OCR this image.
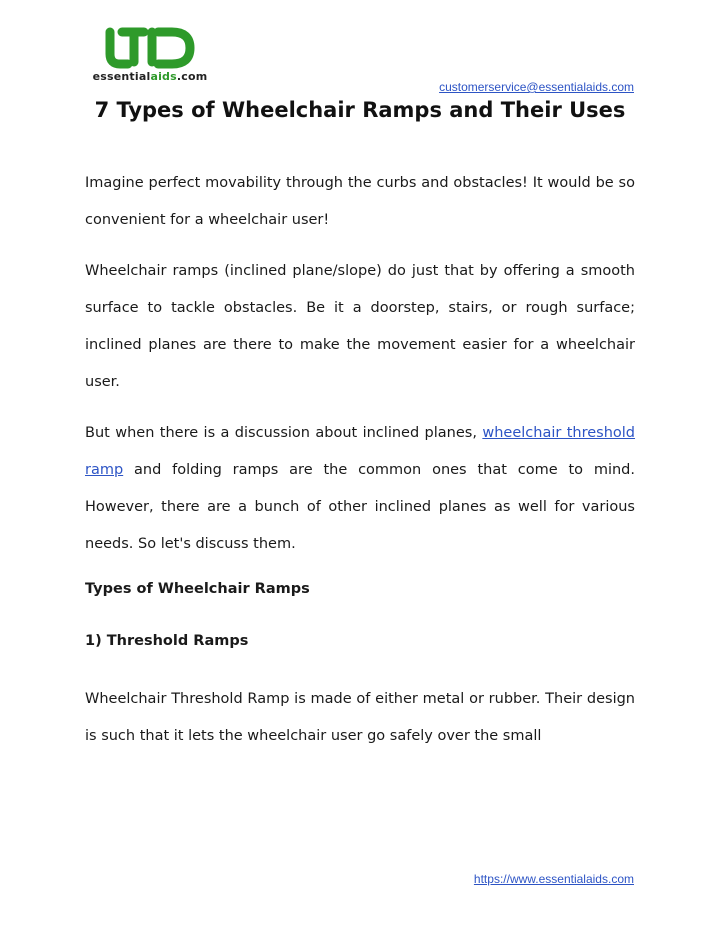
essentialaids.com
customerservice@essentialaids.com
7 Types of Wheelchair Ramps and Their Uses

Imagine perfect movability through the curbs and obstacles! It would be so convenient for a wheelchair user!

Wheelchair ramps (inclined plane/slope) do just that by offering a smooth surface to tackle obstacles. Be it a doorstep, stairs, or rough surface; inclined planes are there to make the movement easier for a wheelchair user.

But when there is a discussion about inclined planes, wheelchair threshold ramp and folding ramps are the common ones that come to mind. However, there are a bunch of other inclined planes as well for various needs. So let's discuss them.

Types of Wheelchair Ramps

1) Threshold Ramps

Wheelchair Threshold Ramp is made of either metal or rubber. Their design is such that it lets the wheelchair user go safely over the small

https://www.essentialaids.com
